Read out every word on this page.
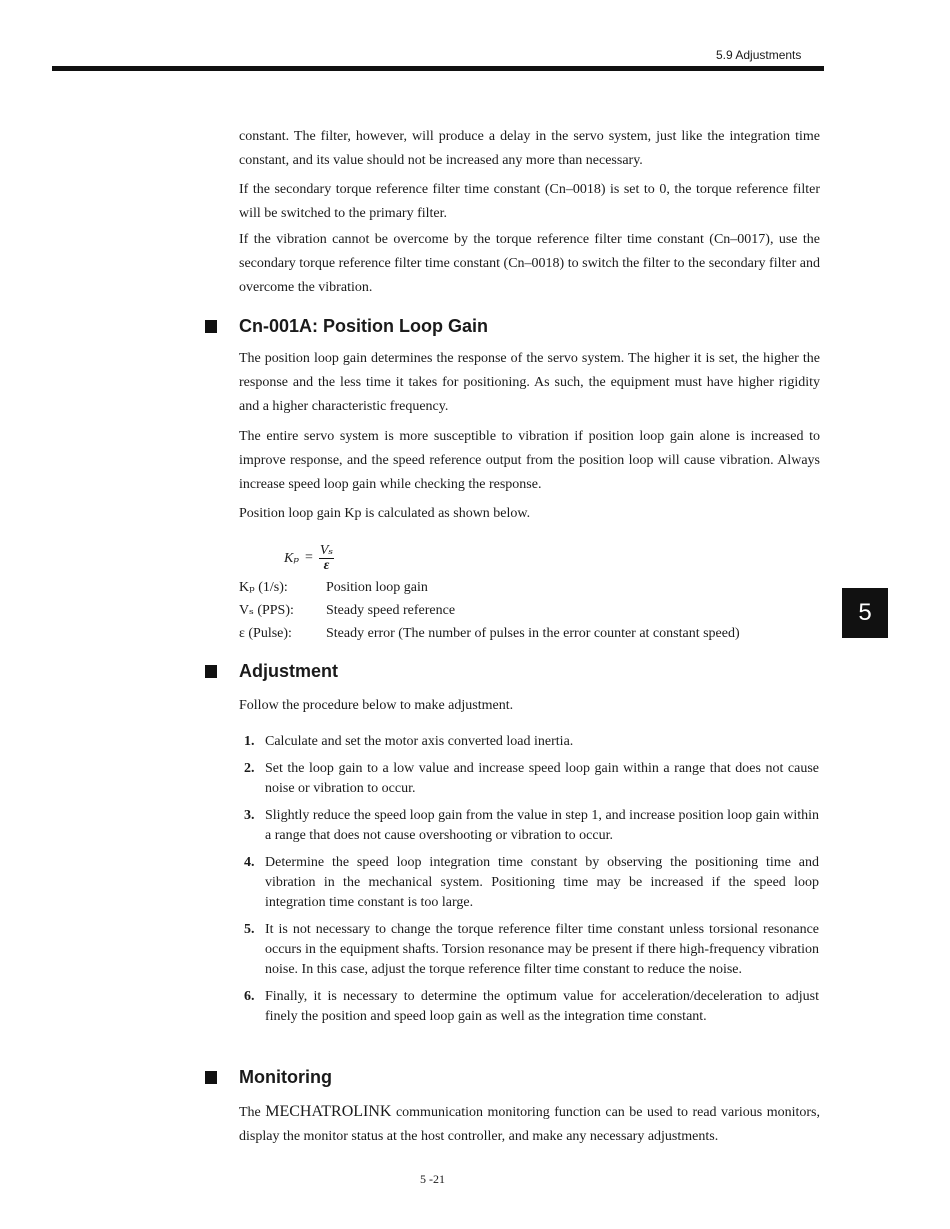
5.9 Adjustments

constant. The filter, however, will produce a delay in the servo system, just like the integration time constant, and its value should not be increased any more than necessary.

If the secondary torque reference filter time constant (Cn–0018) is set to 0, the torque reference filter will be switched to the primary filter.

If the vibration cannot be overcome by the torque reference filter time constant (Cn–0017), use the secondary torque reference filter time constant (Cn–0018) to switch the filter to the secondary filter and overcome the vibration.

Cn-001A: Position Loop Gain

The position loop gain determines the response of the servo system. The higher it is set, the higher the response and the less time it takes for positioning. As such, the equipment must have higher rigidity and a higher characteristic frequency.

The entire servo system is more susceptible to vibration if position loop gain alone is increased to improve response, and the speed reference output from the position loop will cause vibration. Always increase speed loop gain while checking the response.

Position loop gain Kp is calculated as shown below.

$K_p = \frac{\text{Vₛ}}{\varepsilon}$
Kₚ (1/s):	Position loop gain
Vₛ (PPS):	Steady speed reference
ε (Pulse):	Steady error (The number of pulses in the error counter at constant speed)
Adjustment

Follow the procedure below to make adjustment.

1. Calculate and set the motor axis converted load inertia.
2. Set the loop gain to a low value and increase speed loop gain within a range that does not cause noise or vibration to occur.
3. Slightly reduce the speed loop gain from the value in step 1, and increase position loop gain within a range that does not cause overshooting or vibration to occur.
4. Determine the speed loop integration time constant by observing the positioning time and vibration in the mechanical system. Positioning time may be increased if the speed loop integration time constant is too large.
5. It is not necessary to change the torque reference filter time constant unless torsional resonance occurs in the equipment shafts. Torsion resonance may be present if there high-frequency vibration noise. In this case, adjust the torque reference filter time constant to reduce the noise.
6. Finally, it is necessary to determine the optimum value for acceleration/deceleration to adjust finely the position and speed loop gain as well as the integration time constant.
Monitoring

The MECHATROLINK communication monitoring function can be used to read various monitors, display the monitor status at the host controller, and make any necessary adjustments.

5
5 -21
